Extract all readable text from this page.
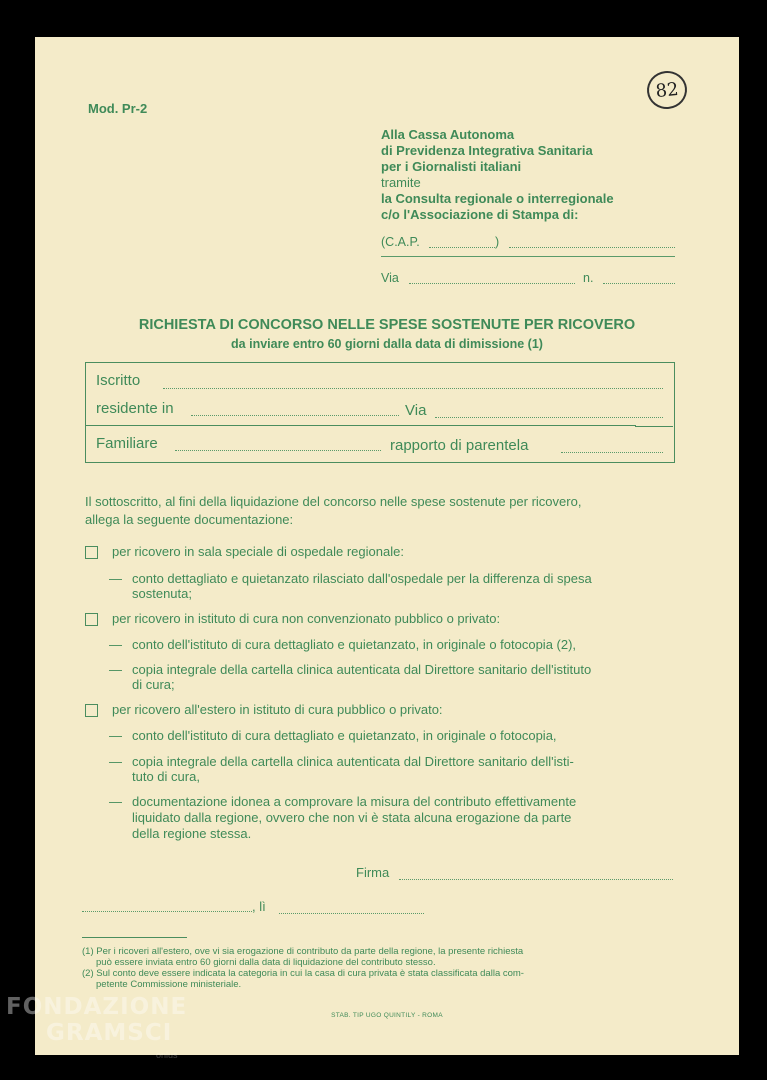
Mod. Pr-2
82
Alla Cassa Autonoma
di Previdenza Integrativa Sanitaria
per i Giornalisti italiani
tramite
la Consulta regionale o interregionale
c/o l'Associazione di Stampa di:
(C.A.P.	)
Via	n.
RICHIESTA DI CONCORSO NELLE SPESE SOSTENUTE PER RICOVERO
da inviare entro 60 giorni dalla data di dimissione (1)
Iscritto
residente in	Via
Familiare	rapporto di parentela
Il sottoscritto, al fini della liquidazione del concorso nelle spese sostenute per ricovero,
allega la seguente documentazione:
per ricovero in sala speciale di ospedale regionale:
— conto dettagliato e quietanzato rilasciato dall'ospedale per la differenza di spesa
sostenuta;
per ricovero in istituto di cura non convenzionato pubblico o privato:
— conto dell'istituto di cura dettagliato e quietanzato, in originale o fotocopia (2),
— copia integrale della cartella clinica autenticata dal Direttore sanitario dell'istituto
di cura;
per ricovero all'estero in istituto di cura pubblico o privato:
— conto dell'istituto di cura dettagliato e quietanzato, in originale o fotocopia,
— copia integrale della cartella clinica autenticata dal Direttore sanitario dell'isti-
tuto di cura,
— documentazione idonea a comprovare la misura del contributo effettivamente
liquidato dalla regione, ovvero che non vi è stata alcuna erogazione da parte
della regione stessa.
Firma
, lì
(1) Per i ricoveri all'estero, ove vi sia erogazione di contributo da parte della regione, la presente richiesta
può essere inviata entro 60 giorni dalla data di liquidazione del contributo stesso.
(2) Sul conto deve essere indicata la categoria in cui la casa di cura privata è stata classificata dalla com-
petente Commissione ministeriale.
STAB. TIP UGO QUINTILY - ROMA
FONDAZIONE
GRAMSCI
onlus
